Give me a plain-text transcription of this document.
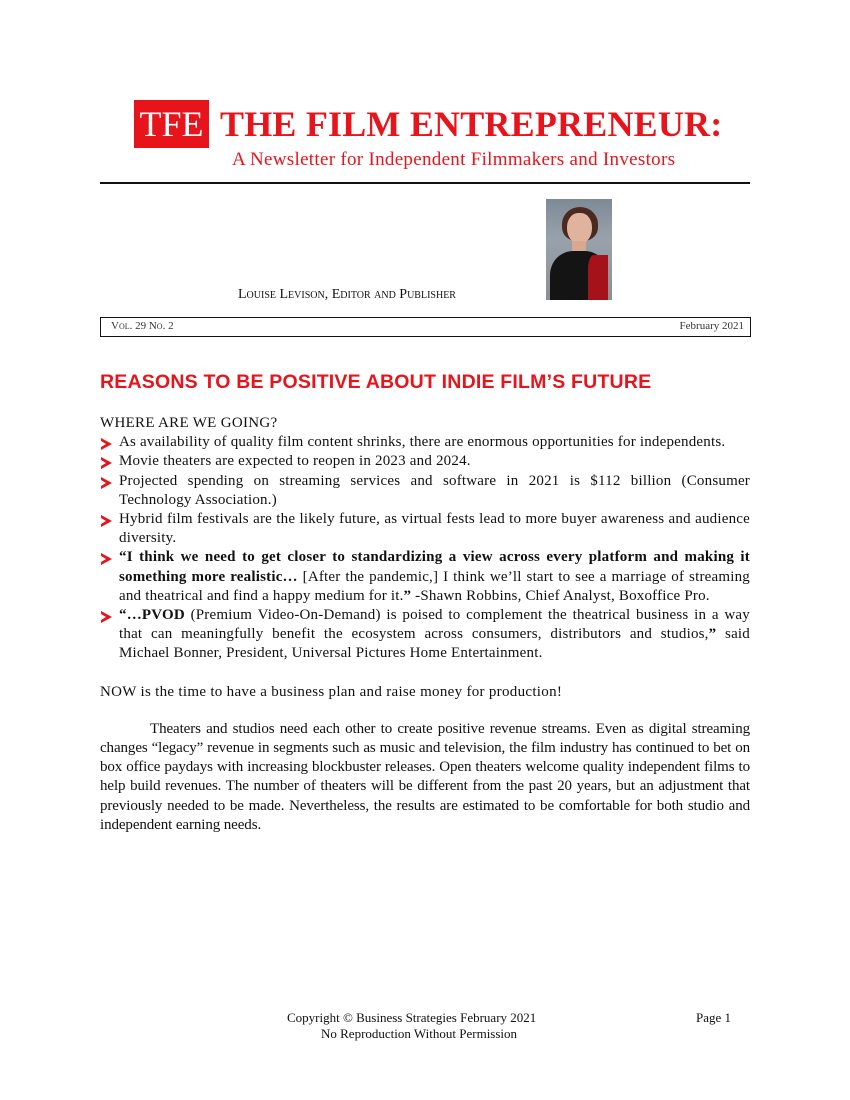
TFE THE FILM ENTREPRENEUR:
A Newsletter for Independent Filmmakers and Investors
Louise Levison, Editor and Publisher
Vol. 29 No. 2	February 2021
REASONS TO BE POSITIVE ABOUT INDIE FILM’S FUTURE

WHERE ARE WE GOING?

As availability of quality film content shrinks, there are enormous opportunities for independents.
Movie theaters are expected to reopen in 2023 and 2024.
Projected spending on streaming services and software in 2021 is $112 billion (Consumer Technology Association.)
Hybrid film festivals are the likely future, as virtual fests lead to more buyer awareness and audience diversity.
“I think we need to get closer to standardizing a view across every platform and making it something more realistic… [After the pandemic,] I think we’ll start to see a marriage of streaming and theatrical and find a happy medium for it.” -Shawn Robbins, Chief Analyst, Boxoffice Pro.
“…PVOD (Premium Video-On-Demand) is poised to complement the theatrical business in a way that can meaningfully benefit the ecosystem across consumers, distributors and studios,” said Michael Bonner, President, Universal Pictures Home Entertainment.

NOW is the time to have a business plan and raise money for production!

Theaters and studios need each other to create positive revenue streams. Even as digital streaming changes “legacy” revenue in segments such as music and television, the film industry has continued to bet on box office paydays with increasing blockbuster releases. Open theaters welcome quality independent films to help build revenues. The number of theaters will be different from the past 20 years, but an adjustment that previously needed to be made. Nevertheless, the results are estimated to be comfortable for both studio and independent earning needs.

Copyright © Business Strategies February 2021
No Reproduction Without Permission
Page 1
